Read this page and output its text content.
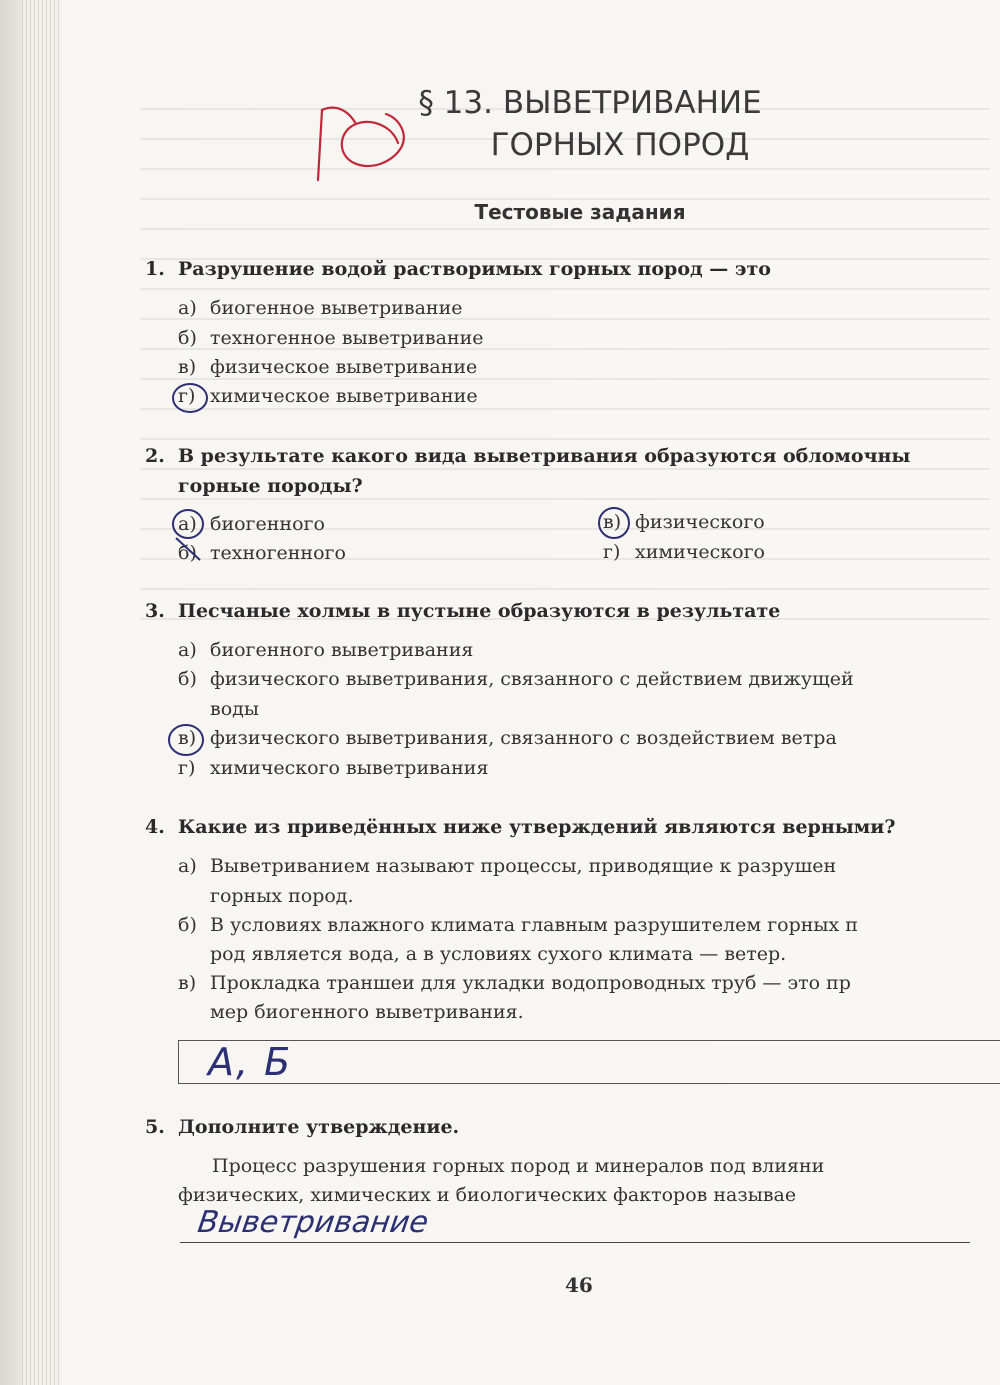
§ 13. ВЫВЕТРИВАНИЕ
ГОРНЫХ ПОРОД
Тестовые задания
1. Разрушение водой растворимых горных пород — это
а) биогенное выветривание
б) техногенное выветривание
в) физическое выветривание
г) химическое выветривание
2. В результате какого вида выветривания образуются обломочны
горные породы?
а) биогенного
б) техногенного
в) физического
г) химического
3. Песчаные холмы в пустыне образуются в результате
а) биогенного выветривания
б) физического выветривания, связанного с действием движущей
воды
в) физического выветривания, связанного с воздействием ветра
г) химического выветривания
4. Какие из приведённых ниже утверждений являются верными?
а) Выветриванием называют процессы, приводящие к разрушен
горных пород.
б) В условиях влажного климата главным разрушителем горных п
род является вода, а в условиях сухого климата — ветер.
в) Прокладка траншеи для укладки водопроводных труб — это пр
мер биогенного выветривания.
А, Б
5. Дополните утверждение.
Процесс разрушения горных пород и минералов под влияни
физических, химических и биологических факторов называе
Выветривание
46
